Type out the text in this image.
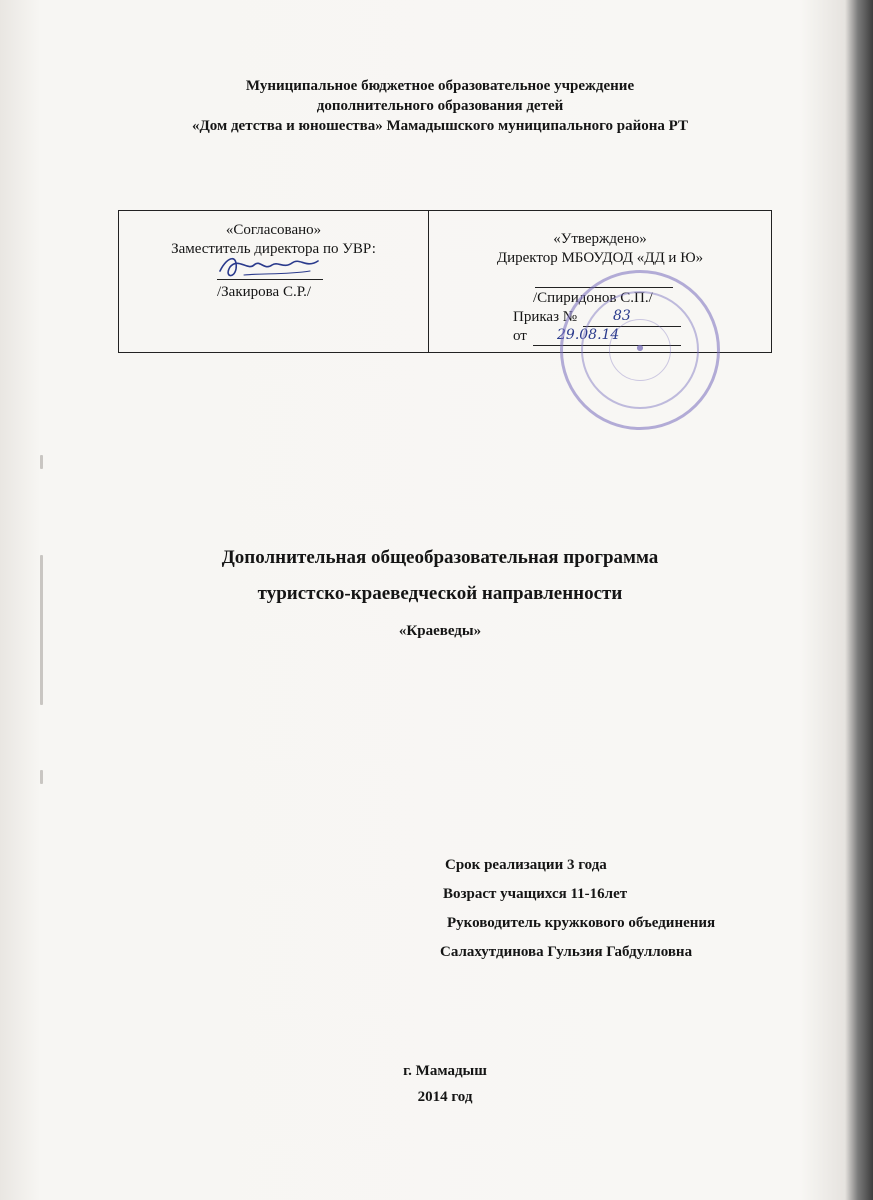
Муниципальное бюджетное образовательное учреждение
дополнительного образования детей
«Дом детства и юношества» Мамадышского муниципального района РТ
«Согласовано»
Заместитель директора по УВР:
/Закирова С.Р./
«Утверждено»
Директор МБОУДОД «ДД и Ю»
/Спиридонов С.П./
Приказ №	83
от 29.08.14
●
Дополнительная общеобразовательная программа
туристско-краеведческой направленности
«Краеведы»
Срок реализации 3 года
Возраст учащихся 11-16лет
Руководитель кружкового объединения
Салахутдинова Гульзия Габдулловна
г. Мамадыш
2014 год
